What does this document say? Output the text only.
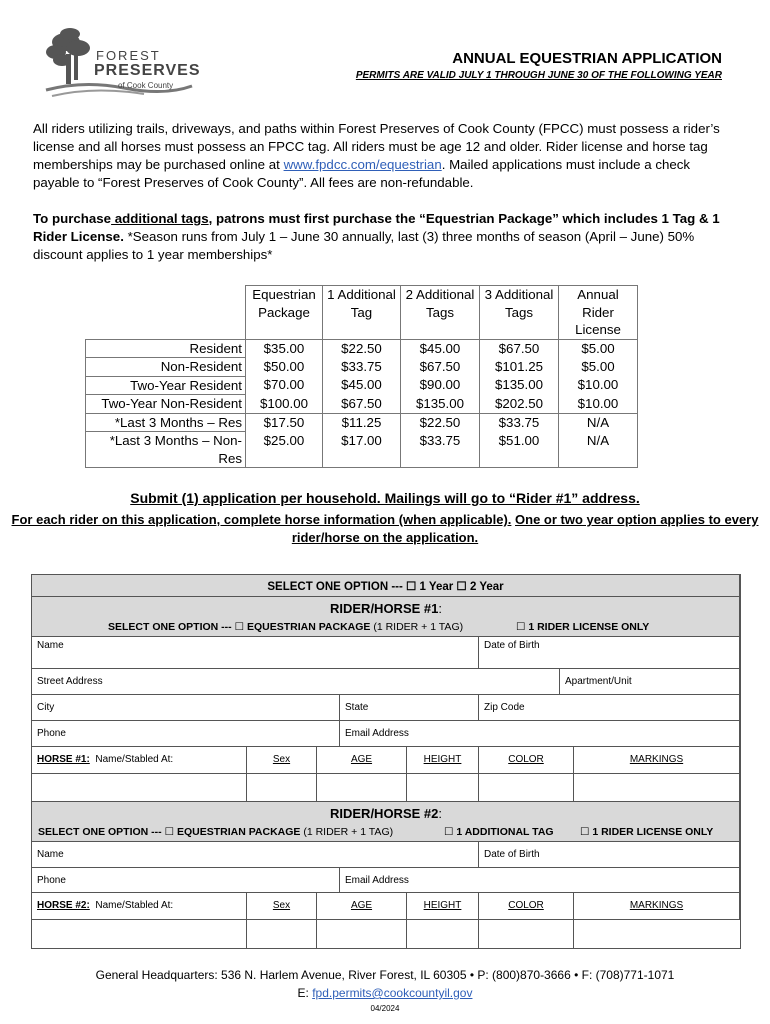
FOREST
PRESERVES
of Cook County
ANNUAL EQUESTRIAN APPLICATION
PERMITS ARE VALID JULY 1 THROUGH JUNE 30 OF THE FOLLOWING YEAR
All riders utilizing trails, driveways, and paths within Forest Preserves of Cook County (FPCC) must possess a rider’s license and all horses must possess an FPCC tag. All riders must be age 12 and older. Rider license and horse tag memberships may be purchased online at www.fpdcc.com/equestrian. Mailed applications must include a check payable to “Forest Preserves of Cook County”. All fees are non-refundable.
To purchase additional tags, patrons must first purchase the “Equestrian Package” which includes 1 Tag & 1 Rider License. *Season runs from July 1 – June 30 annually, last (3) three months of season (April – June) 50% discount applies to 1 year memberships*
	Equestrian Package	1 Additional Tag	2 Additional Tags	3 Additional Tags	Annual Rider License
Resident	$35.00	$22.50	$45.00	$67.50	$5.00
Non-Resident	$50.00	$33.75	$67.50	$101.25	$5.00
Two-Year Resident	$70.00	$45.00	$90.00	$135.00	$10.00
Two-Year Non-Resident	$100.00	$67.50	$135.00	$202.50	$10.00
*Last 3 Months – Res	$17.50	$11.25	$22.50	$33.75	N/A
*Last 3 Months – Non-Res	$25.00	$17.00	$33.75	$51.00	N/A
Submit (1) application per household. Mailings will go to “Rider #1” address.
For each rider on this application, complete horse information (when applicable). One or two year option applies to every rider/horse on the application.
SELECT ONE OPTION --- ☐ 1 Year ☐ 2 Year
RIDER/HORSE #1:
SELECT ONE OPTION --- ☐ EQUESTRIAN PACKAGE (1 RIDER + 1 TAG)	☐ 1 RIDER LICENSE ONLY
Name	Date of Birth
Street Address	Apartment/Unit
City	State	Zip Code
Phone	Email Address
HORSE #1: Name/Stabled At:	Sex	AGE	HEIGHT	COLOR	MARKINGS
RIDER/HORSE #2:
SELECT ONE OPTION --- ☐ EQUESTRIAN PACKAGE (1 RIDER + 1 TAG)	☐ 1 ADDITIONAL TAG	☐ 1 RIDER LICENSE ONLY
Name	Date of Birth
Phone	Email Address
HORSE #2: Name/Stabled At:	Sex	AGE	HEIGHT	COLOR	MARKINGS
General Headquarters: 536 N. Harlem Avenue, River Forest, IL 60305 • P: (800)870-3666 • F: (708)771-1071
E: fpd.permits@cookcountyil.gov
04/2024
